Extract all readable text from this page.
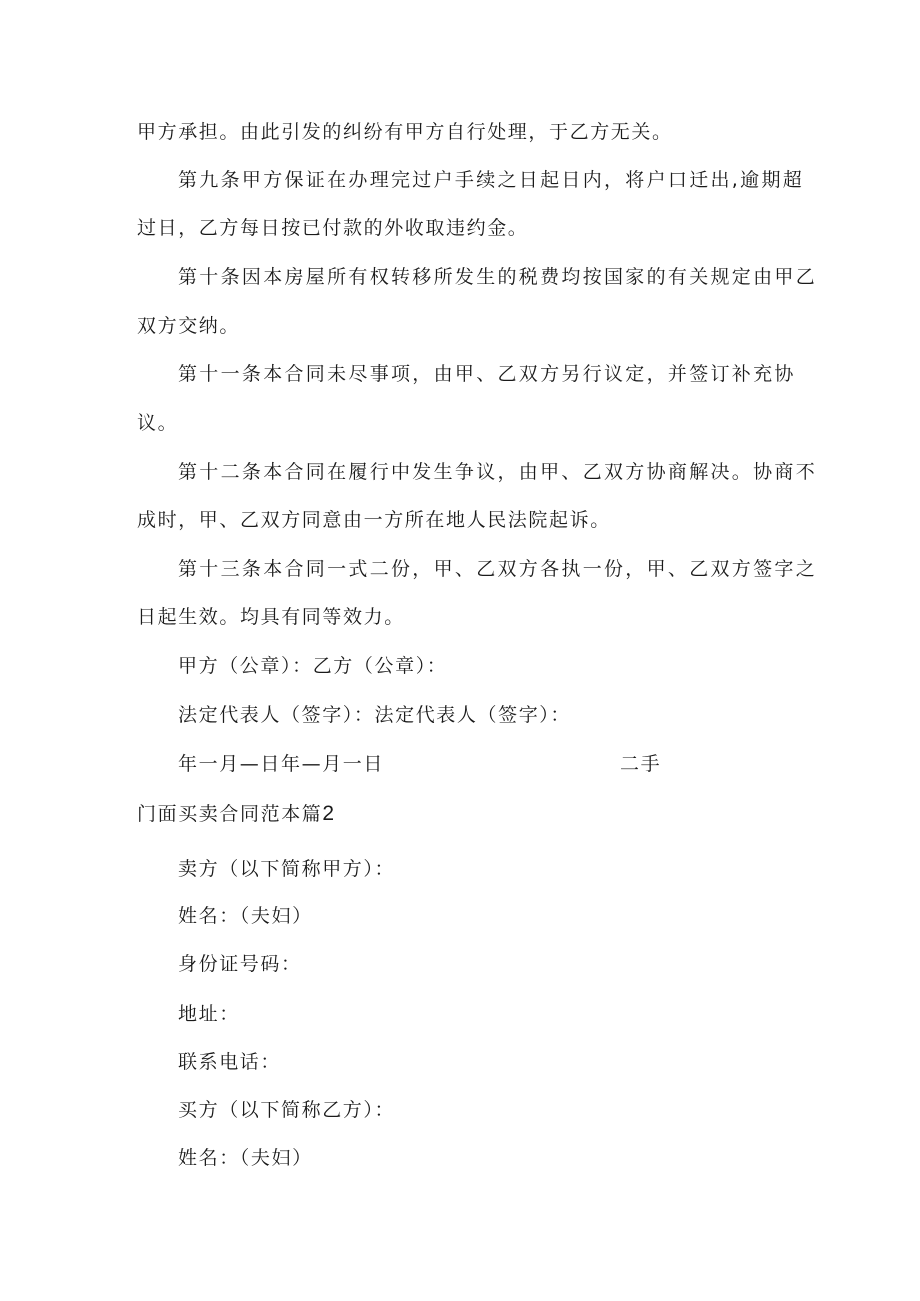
甲方承担。由此引发的纠纷有甲方自行处理，于乙方无关。
第九条甲方保证在办理完过户手续之日起日内，将户口迁出,逾期超
过日，乙方每日按已付款的外收取违约金。
第十条因本房屋所有权转移所发生的税费均按国家的有关规定由甲乙
双方交纳。
第十一条本合同未尽事项，由甲、乙双方另行议定，并签订补充协
议。
第十二条本合同在履行中发生争议，由甲、乙双方协商解决。协商不
成时，甲、乙双方同意由一方所在地人民法院起诉。
第十三条本合同一式二份，甲、乙双方各执一份，甲、乙双方签字之
日起生效。均具有同等效力。
甲方（公章）：乙方（公章）：
法定代表人（签字）：法定代表人（签字）：
年一月—日年—月一日	二手
门面买卖合同范本篇2
卖方（以下简称甲方）：
姓名：（夫妇）
身份证号码：
地址：
联系电话：
买方（以下简称乙方）：
姓名：（夫妇）
